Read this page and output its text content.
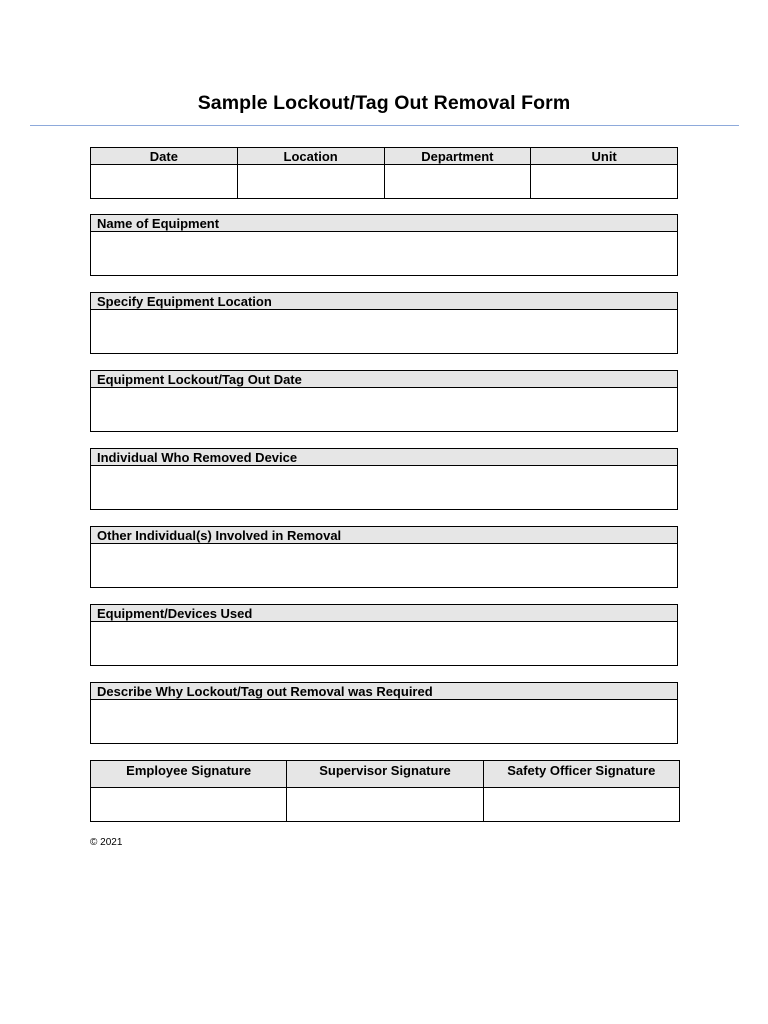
Sample Lockout/Tag Out Removal Form
Date	Location	Department	Unit

Name of Equipment

Specify Equipment Location

Equipment Lockout/Tag Out Date

Individual Who Removed Device

Other Individual(s) Involved in Removal

Equipment/Devices Used

Describe Why Lockout/Tag out Removal was Required

Employee Signature	Supervisor Signature	Safety Officer Signature

© 2021
